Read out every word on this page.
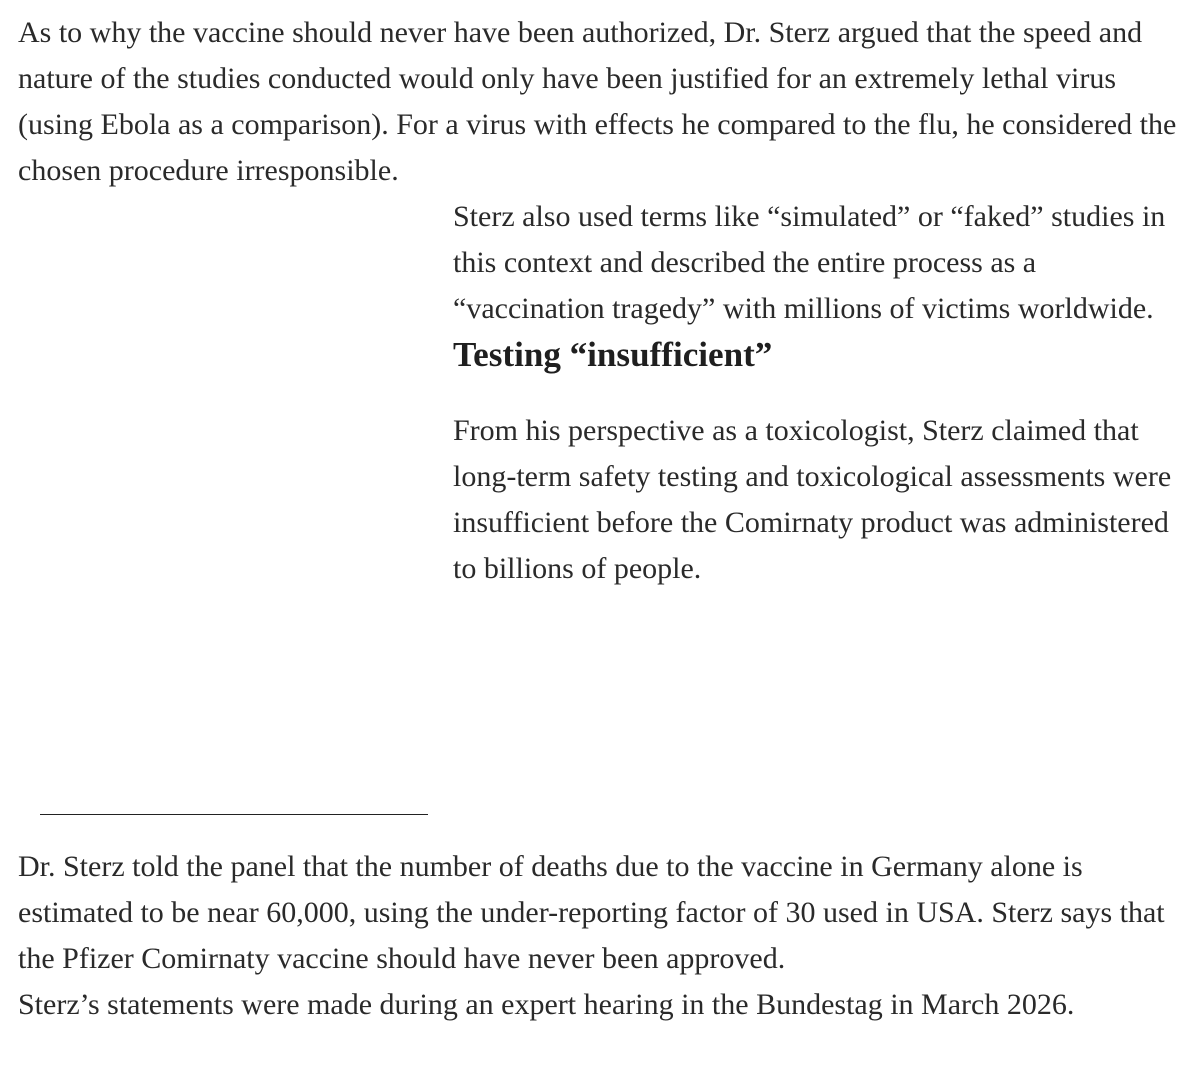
As to why the vaccine should never have been authorized, Dr. Sterz argued that the speed and nature of the studies conducted would only have been justified for an extremely lethal virus (using Ebola as a comparison). For a virus with effects he compared to the flu, he considered the chosen procedure irresponsible.

Sterz also used terms like “simulated” or “faked” studies in this context and described the entire process as a “vaccination tragedy” with millions of victims worldwide.

Testing “insufficient”

From his perspective as a toxicologist, Sterz claimed that long-term safety testing and toxicological assessments were insufficient before the Comirnaty product was administered to billions of people.

Dr. Sterz told the panel that the number of deaths due to the vaccine in Germany alone is estimated to be near 60,000, using the under-reporting factor of 30 used in USA. Sterz says that the Pfizer Comirnaty vaccine should have never been approved.

Sterz’s statements were made during an expert hearing in the Bundestag in March 2026.
